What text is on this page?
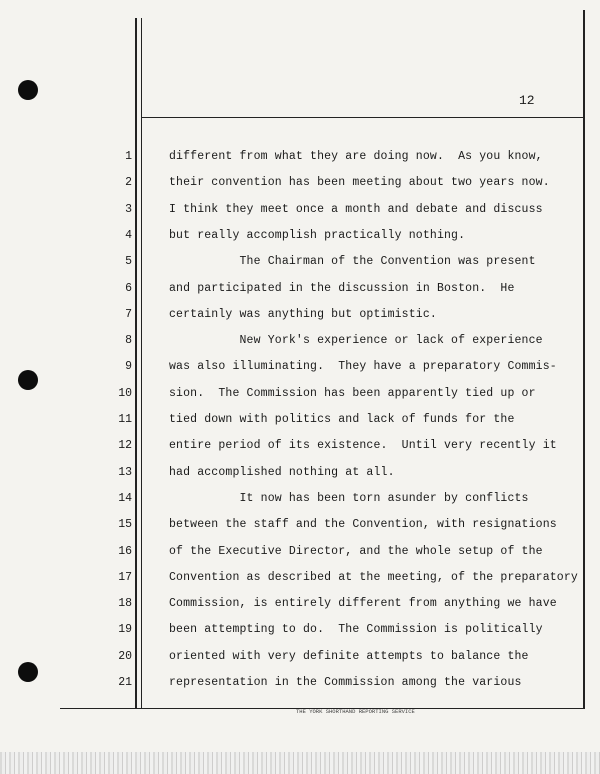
12
1	different from what they are doing now.  As you know,
2	their convention has been meeting about two years now.
3	I think they meet once a month and debate and discuss
4	but really accomplish practically nothing.
5	The Chairman of the Convention was present
6	and participated in the discussion in Boston.  He
7	certainly was anything but optimistic.
8	New York's experience or lack of experience
9	was also illuminating.  They have a preparatory Commis-
10	sion.  The Commission has been apparently tied up or
11	tied down with politics and lack of funds for the
12	entire period of its existence.  Until very recently it
13	had accomplished nothing at all.
14	It now has been torn asunder by conflicts
15	between the staff and the Convention, with resignations
16	of the Executive Director, and the whole setup of the
17	Convention as described at the meeting, of the preparatory
18	Commission, is entirely different from anything we have
19	been attempting to do.  The Commission is politically
20	oriented with very definite attempts to balance the
21	representation in the Commission among the various
THE YORK SHORTHAND REPORTING SERVICE
